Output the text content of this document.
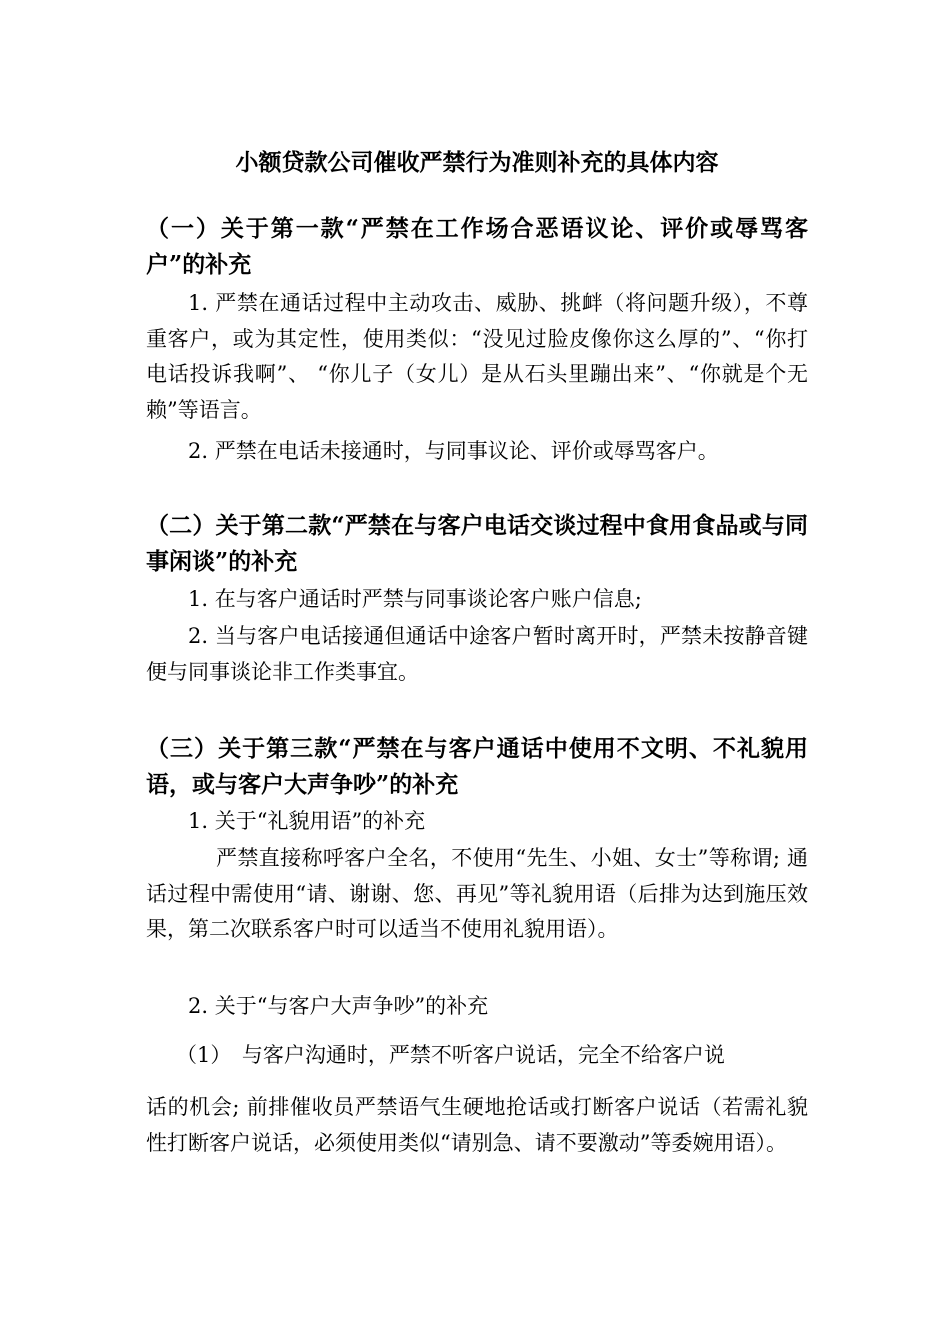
小额贷款公司催收严禁行为准则补充的具体内容
（一）关于第一款“严禁在工作场合恶语议论、评价或辱骂客户”的补充
1. 严禁在通话过程中主动攻击、威胁、挑衅（将问题升级），不尊重客户，或为其定性，使用类似：“没见过脸皮像你这么厚的”、“你打电话投诉我啊”、 “你儿子（女儿）是从石头里蹦出来”、“你就是个无赖”等语言。
2. 严禁在电话未接通时，与同事议论、评价或辱骂客户。
（二）关于第二款“严禁在与客户电话交谈过程中食用食品或与同事闲谈”的补充
1. 在与客户通话时严禁与同事谈论客户账户信息;
2. 当与客户电话接通但通话中途客户暂时离开时，严禁未按静音键便与同事谈论非工作类事宜。
（三）关于第三款“严禁在与客户通话中使用不文明、不礼貌用语，或与客户大声争吵”的补充
1. 关于“礼貌用语”的补充
严禁直接称呼客户全名，不使用“先生、小姐、女士”等称谓; 通话过程中需使用“请、谢谢、您、再见”等礼貌用语（后排为达到施压效果，第二次联系客户时可以适当不使用礼貌用语）。
2. 关于“与客户大声争吵”的补充
（1）　与客户沟通时，严禁不听客户说话，完全不给客户说
话的机会; 前排催收员严禁语气生硬地抢话或打断客户说话（若需礼貌性打断客户说话，必须使用类似“请别急、请不要激动”等委婉用语）。
